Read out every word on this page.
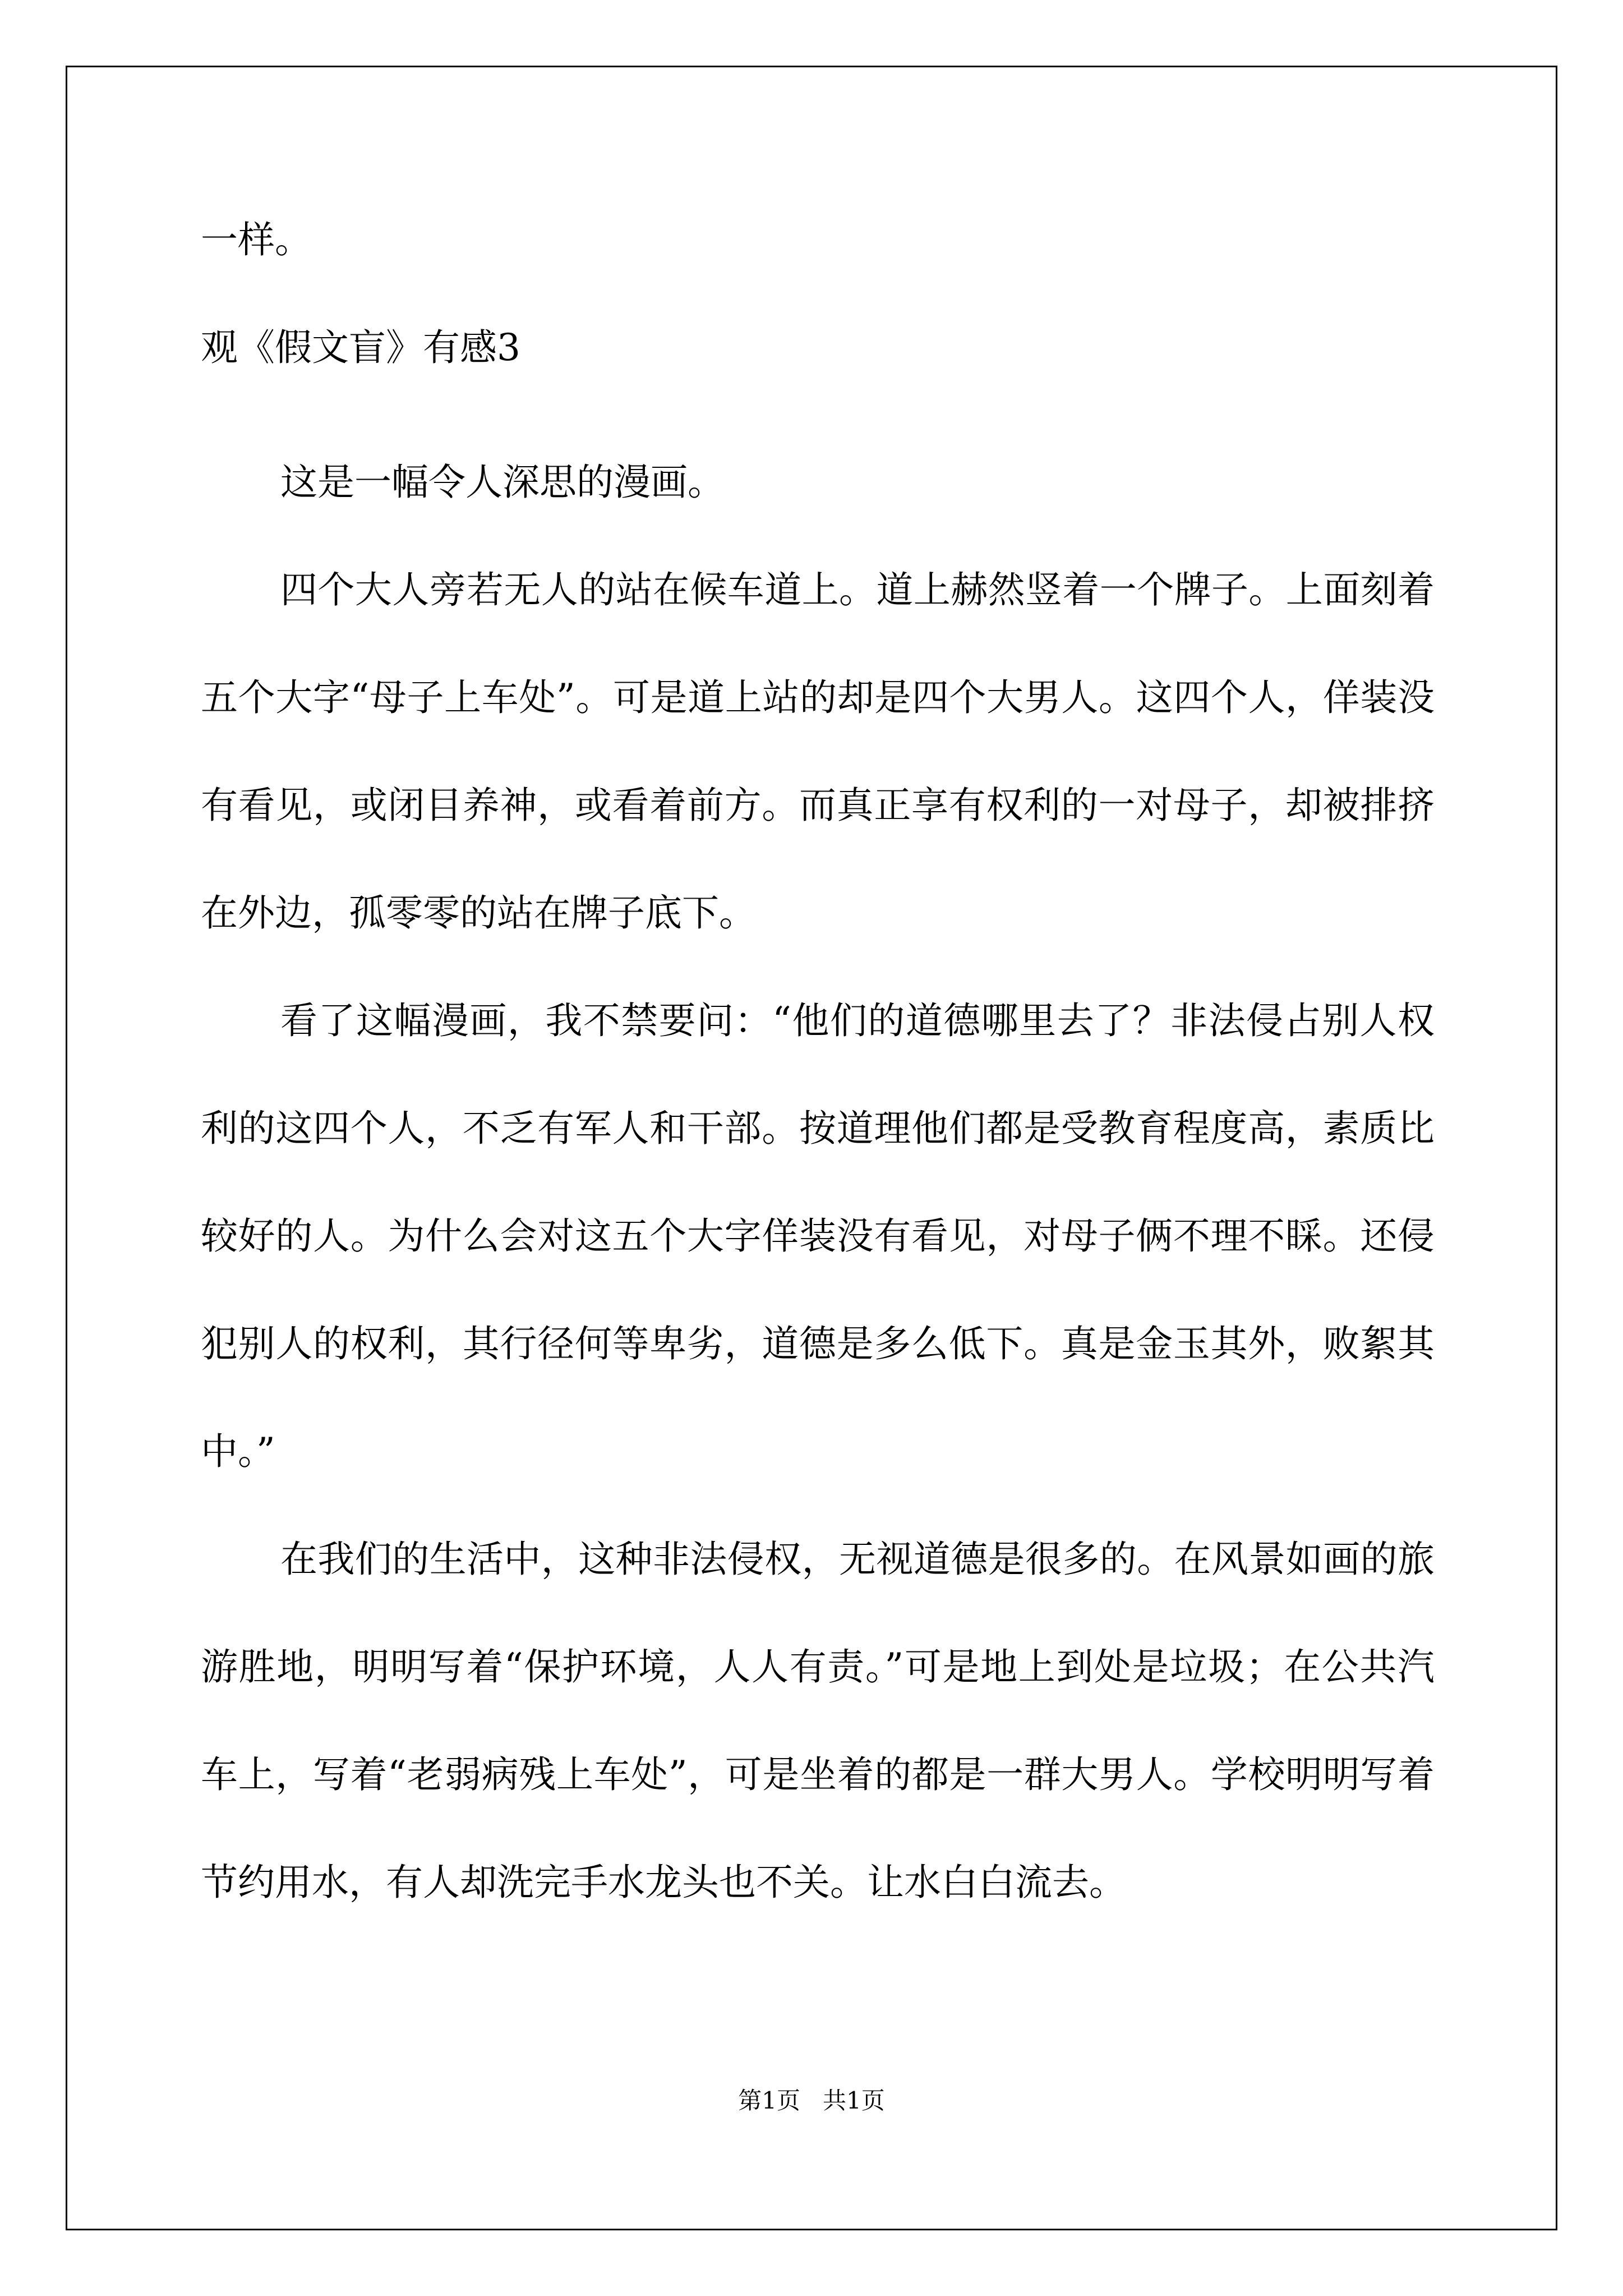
一样。
观《假文盲》有感3

这是一幅令人深思的漫画。

四个大人旁若无人的站在候车道上。道上赫然竖着一个牌子。上面刻着五个大字“母子上车处”。可是道上站的却是四个大男人。这四个人，佯装没有看见，或闭目养神，或看着前方。而真正享有权利的一对母子，却被排挤在外边，孤零零的站在牌子底下。

看了这幅漫画，我不禁要问：“他们的道德哪里去了？非法侵占别人权利的这四个人，不乏有军人和干部。按道理他们都是受教育程度高，素质比较好的人。为什么会对这五个大字佯装没有看见，对母子俩不理不睬。还侵犯别人的权利，其行径何等卑劣，道德是多么低下。真是金玉其外，败絮其中。”

在我们的生活中，这种非法侵权，无视道德是很多的。在风景如画的旅游胜地，明明写着“保护环境，人人有责。”可是地上到处是垃圾；在公共汽车上，写着“老弱病残上车处”，可是坐着的都是一群大男人。学校明明写着节约用水，有人却洗完手水龙头也不关。让水白白流去。

第1页 共1页
